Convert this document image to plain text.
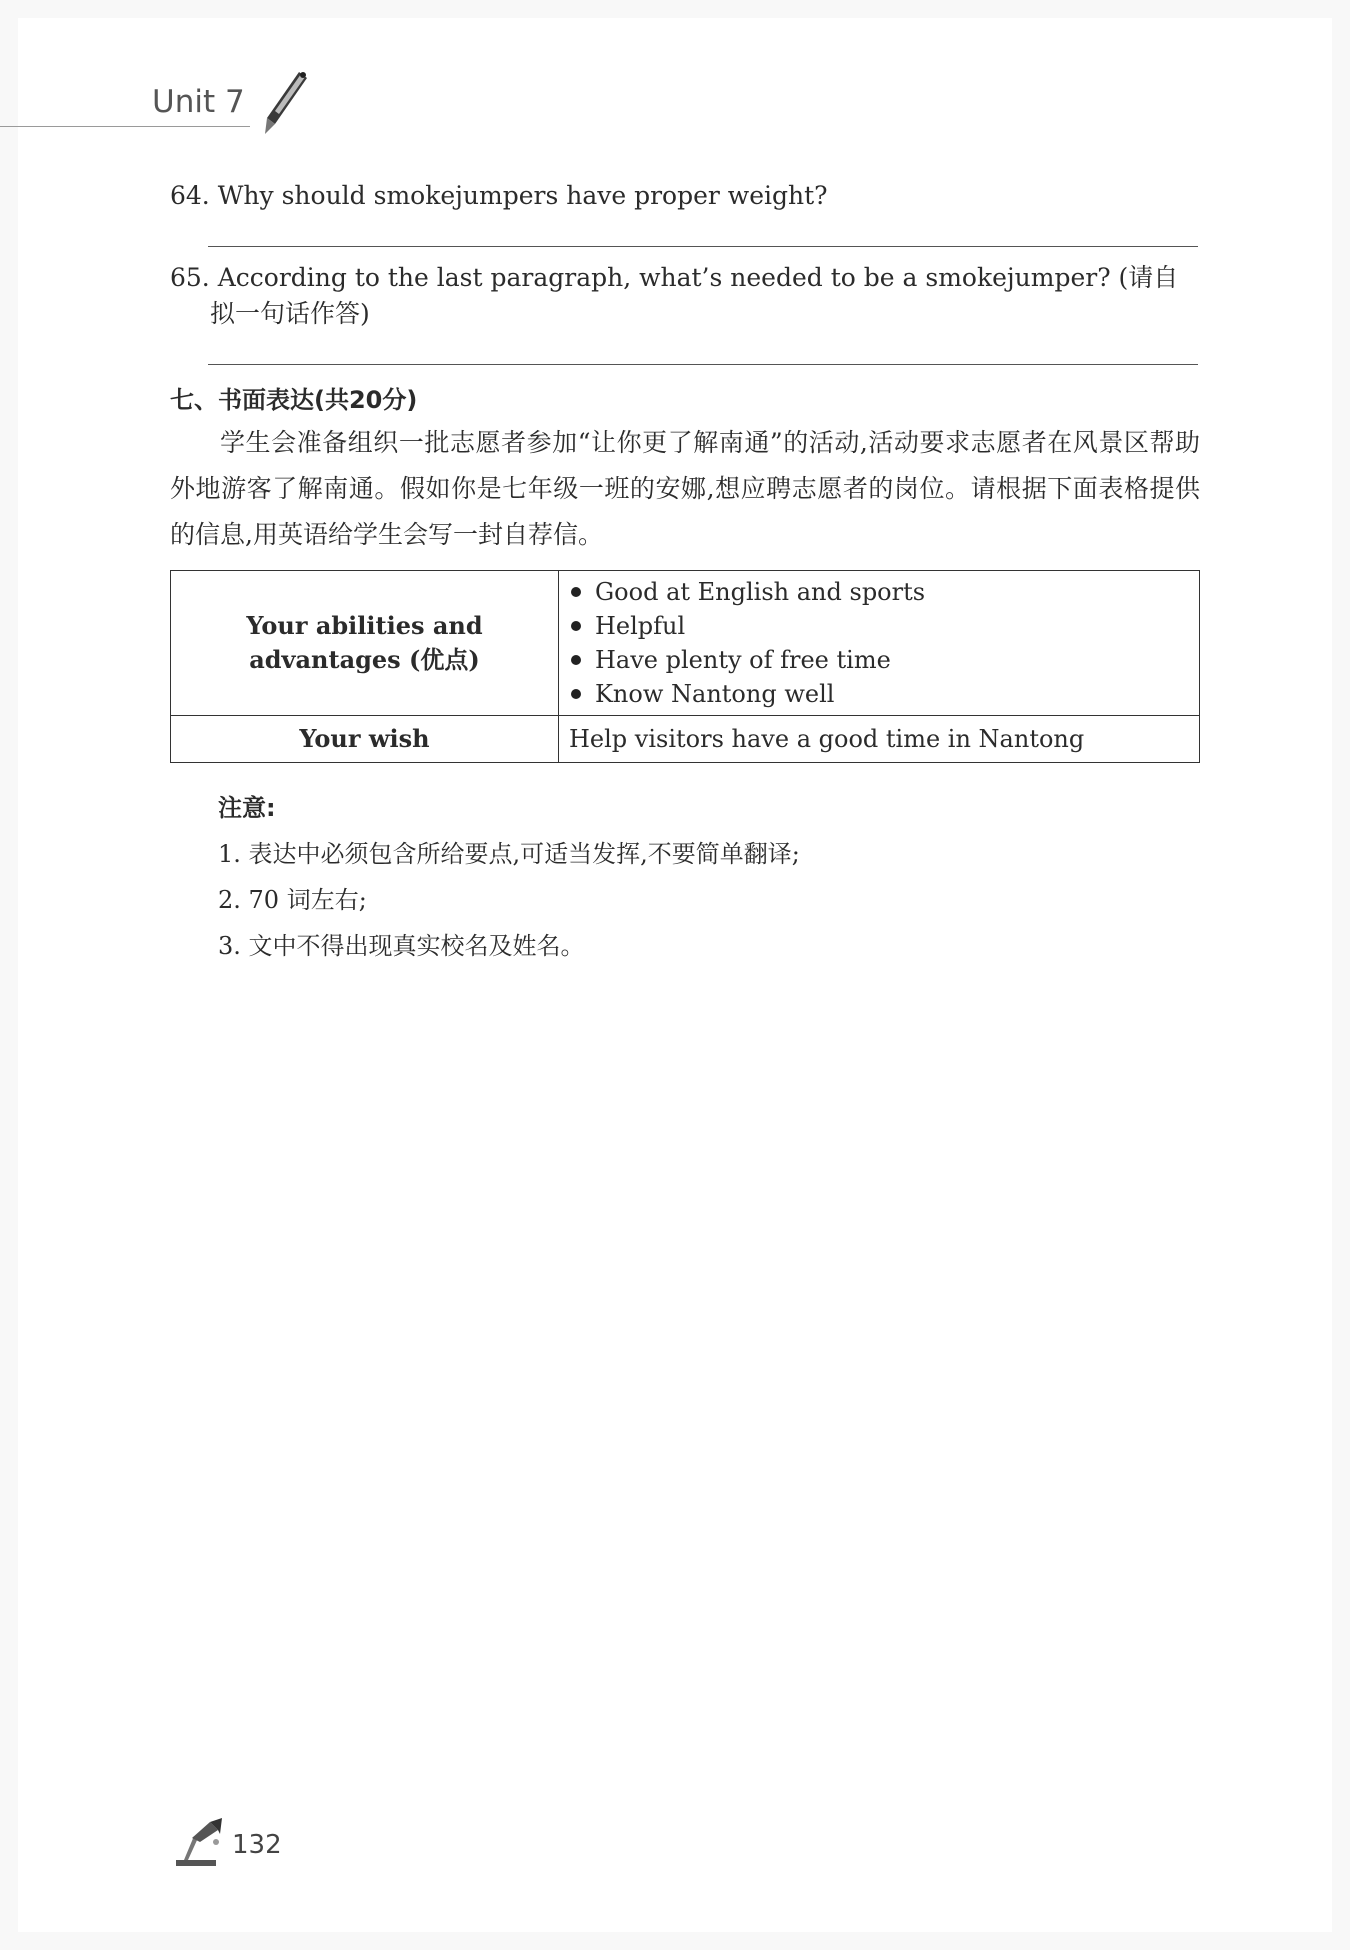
Unit 7
64. Why should smokejumpers have proper weight?
65. According to the last paragraph, what’s needed to be a smokejumper? (请自拟一句话作答)
七、书面表达(共20分)
学生会准备组织一批志愿者参加“让你更了解南通”的活动,活动要求志愿者在风景区帮助外地游客了解南通。假如你是七年级一班的安娜,想应聘志愿者的岗位。请根据下面表格提供的信息,用英语给学生会写一封自荐信。
Your abilities and advantages (优点)	Good at English and sports
Helpful
Have plenty of free time
Know Nantong well

Your wish	Help visitors have a good time in Nantong
注意:
1. 表达中必须包含所给要点,可适当发挥,不要简单翻译;
2. 70 词左右;
3. 文中不得出现真实校名及姓名。
132
